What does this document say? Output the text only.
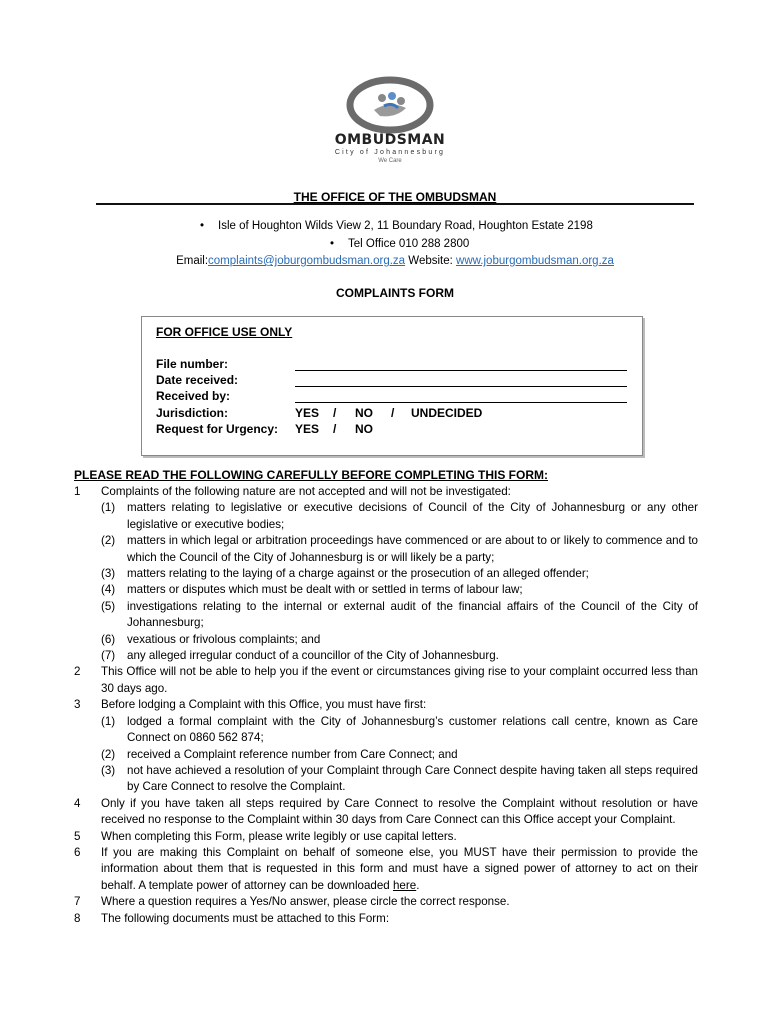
OMBUDSMAN
City of Johannesburg
We Care
THE OFFICE OF THE OMBUDSMAN
• Isle of Houghton Wilds View 2, 11 Boundary Road, Houghton Estate 2198
• Tel Office 010 288 2800
Email:complaints@joburgombudsman.org.za Website: www.joburgombudsman.org.za
COMPLAINTS FORM
FOR OFFICE USE ONLY
File number:
Date received:
Received by:
Jurisdiction:	YES / NO / UNDECIDED
Request for Urgency: YES / NO
PLEASE READ THE FOLLOWING CAREFULLY BEFORE COMPLETING THIS FORM:
1 Complaints of the following nature are not accepted and will not be investigated:
(1) matters relating to legislative or executive decisions of Council of the City of Johannesburg or any other legislative or executive bodies;
(2) matters in which legal or arbitration proceedings have commenced or are about to or likely to commence and to which the Council of the City of Johannesburg is or will likely be a party;
(3) matters relating to the laying of a charge against or the prosecution of an alleged offender;
(4) matters or disputes which must be dealt with or settled in terms of labour law;
(5) investigations relating to the internal or external audit of the financial affairs of the Council of the City of Johannesburg;
(6) vexatious or frivolous complaints; and
(7) any alleged irregular conduct of a councillor of the City of Johannesburg.
2 This Office will not be able to help you if the event or circumstances giving rise to your complaint occurred less than 30 days ago.
3 Before lodging a Complaint with this Office, you must have first:
(1) lodged a formal complaint with the City of Johannesburg’s customer relations call centre, known as Care Connect on 0860 562 874;
(2) received a Complaint reference number from Care Connect; and
(3) not have achieved a resolution of your Complaint through Care Connect despite having taken all steps required by Care Connect to resolve the Complaint.
4 Only if you have taken all steps required by Care Connect to resolve the Complaint without resolution or have received no response to the Complaint within 30 days from Care Connect can this Office accept your Complaint.
5 When completing this Form, please write legibly or use capital letters.
6 If you are making this Complaint on behalf of someone else, you MUST have their permission to provide the information about them that is requested in this form and must have a signed power of attorney to act on their behalf. A template power of attorney can be downloaded here.
7 Where a question requires a Yes/No answer, please circle the correct response.
8 The following documents must be attached to this Form:
